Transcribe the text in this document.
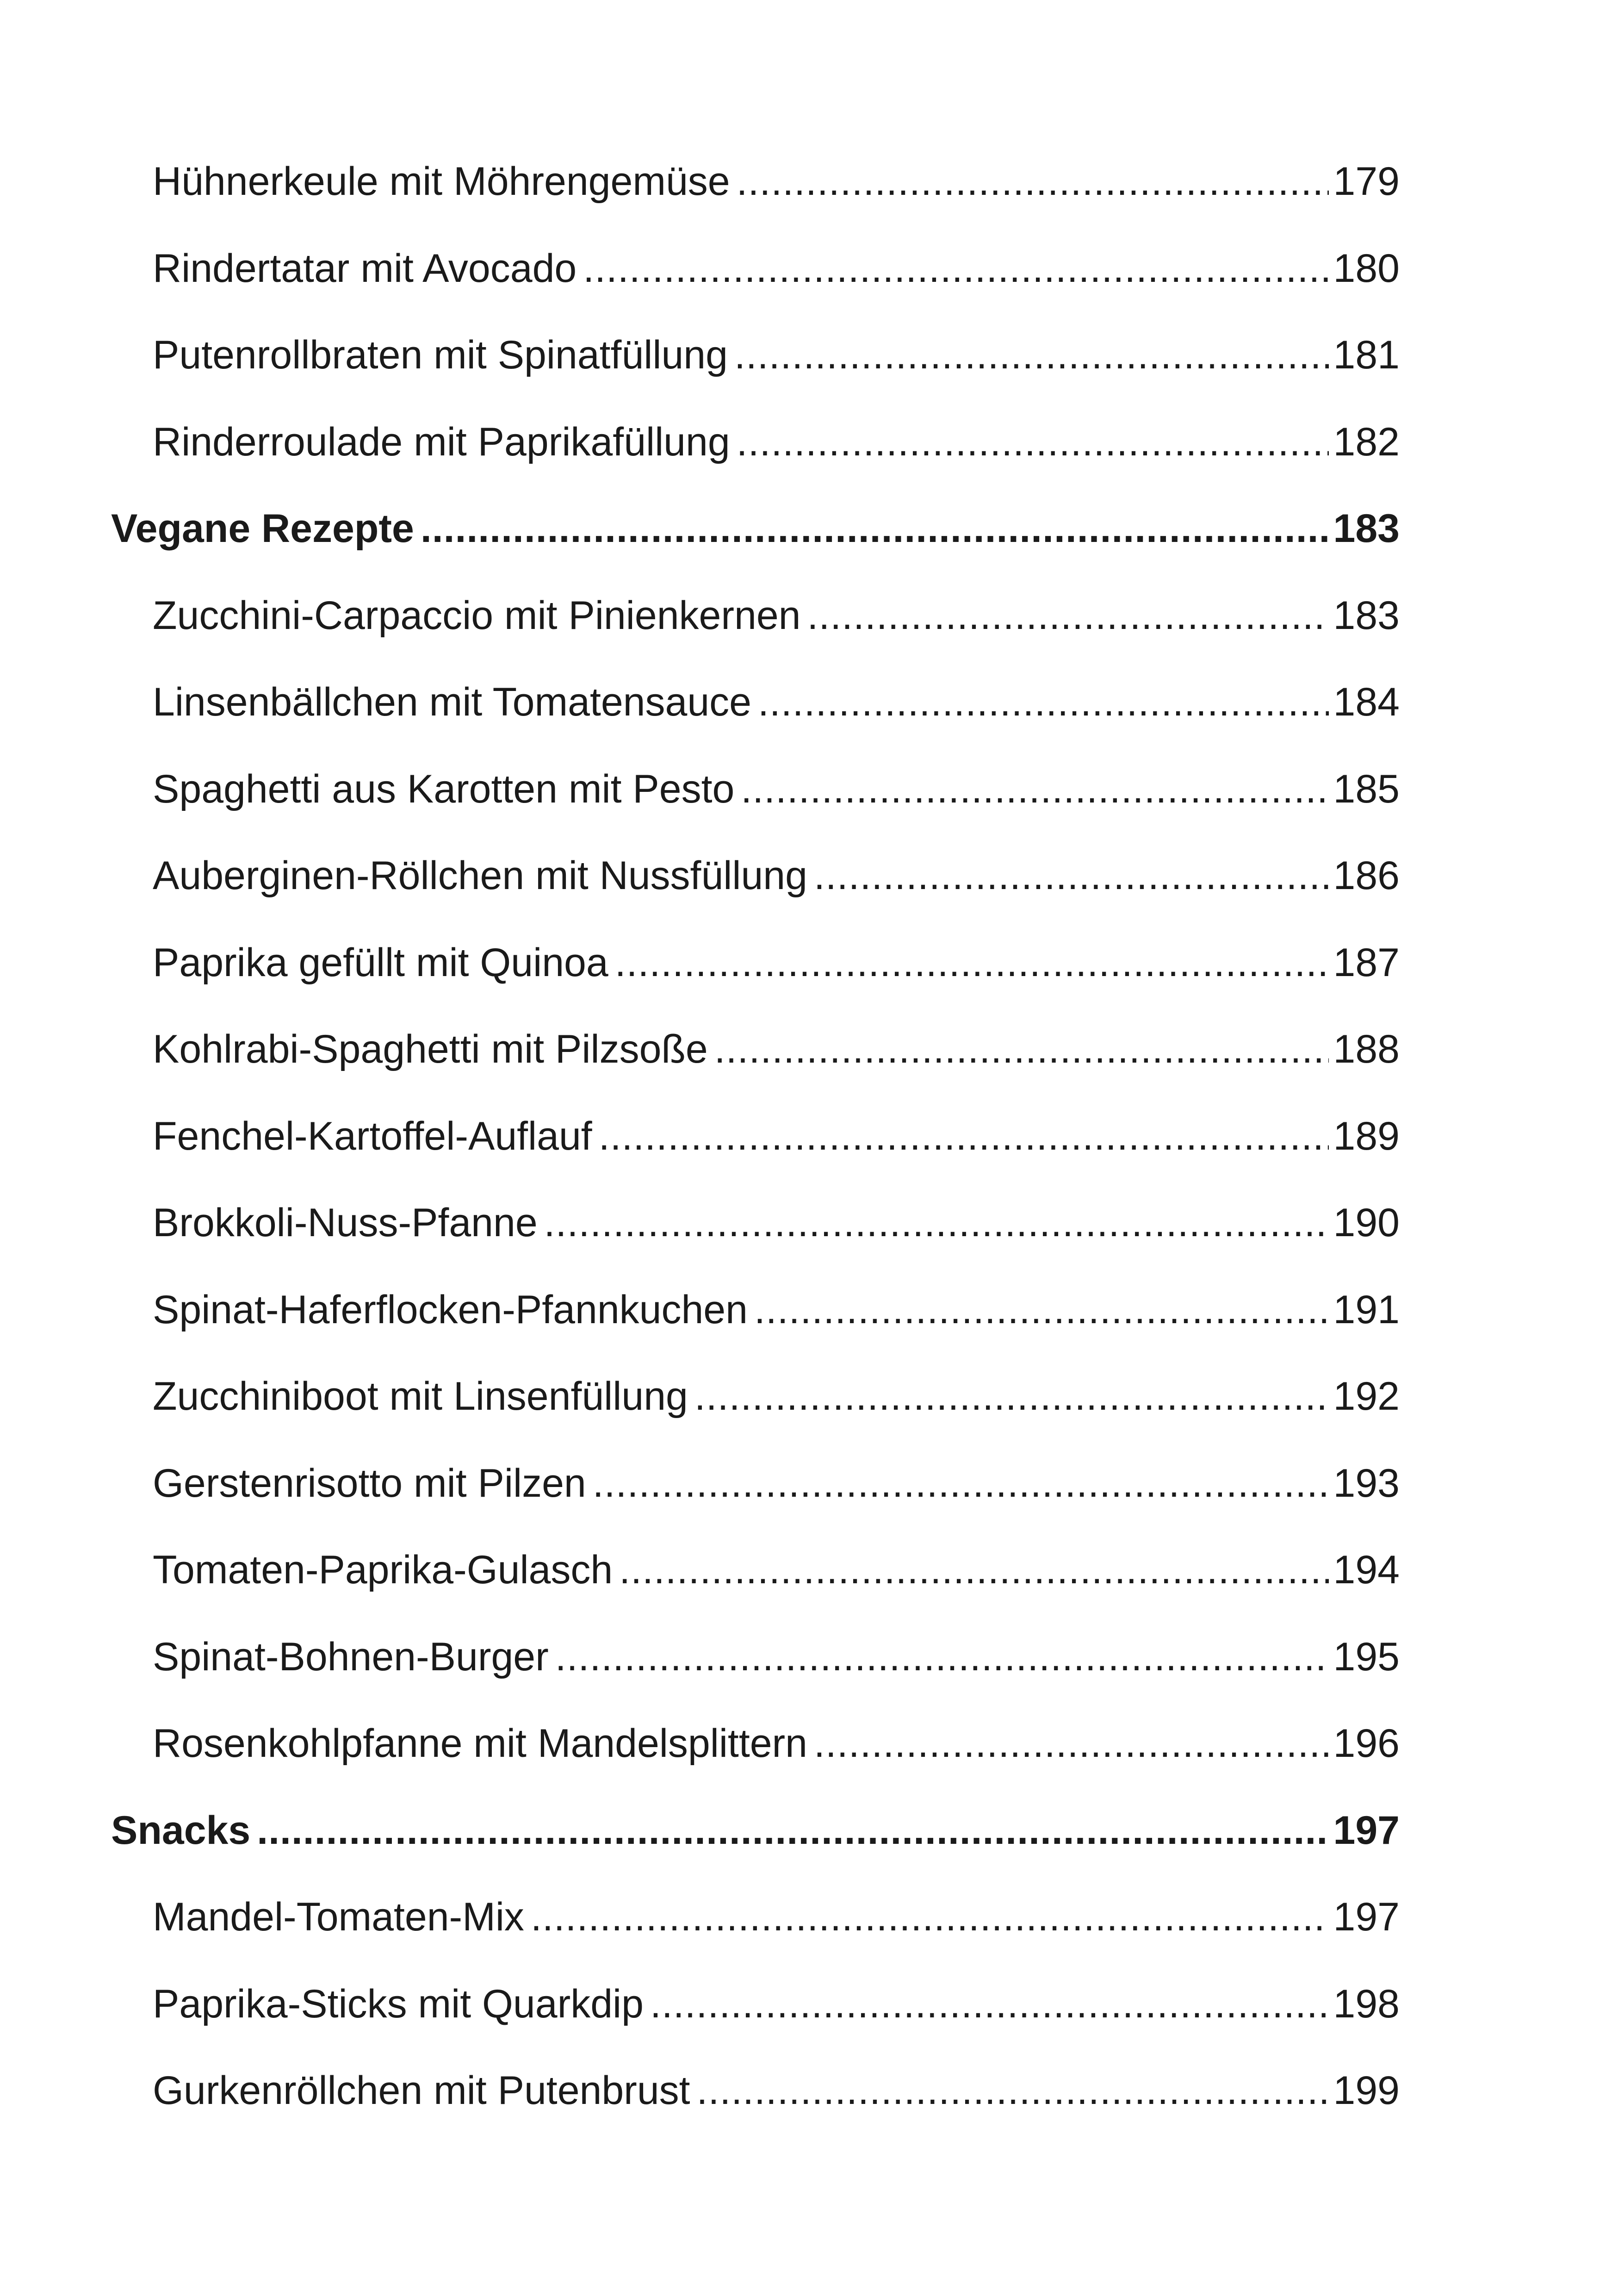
Hühnerkeule mit Möhrengemüse .....	179
Rindertatar mit Avocado .....	180
Putenrollbraten mit Spinatfüllung .....	181
Rinderroulade mit Paprikafüllung .....	182
Vegane Rezepte .....	183
Zucchini-Carpaccio mit Pinienkernen .....	183
Linsenbällchen mit Tomatensauce .....	184
Spaghetti aus Karotten mit Pesto .....	185
Auberginen-Röllchen mit Nussfüllung .....	186
Paprika gefüllt mit Quinoa .....	187
Kohlrabi-Spaghetti mit Pilzsoße .....	188
Fenchel-Kartoffel-Auflauf .....	189
Brokkoli-Nuss-Pfanne .....	190
Spinat-Haferflocken-Pfannkuchen .....	191
Zucchiniboot mit Linsenfüllung .....	192
Gerstenrisotto mit Pilzen .....	193
Tomaten-Paprika-Gulasch .....	194
Spinat-Bohnen-Burger .....	195
Rosenkohlpfanne mit Mandelsplittern .....	196
Snacks .....	197
Mandel-Tomaten-Mix .....	197
Paprika-Sticks mit Quarkdip .....	198
Gurkenröllchen mit Putenbrust .....	199
